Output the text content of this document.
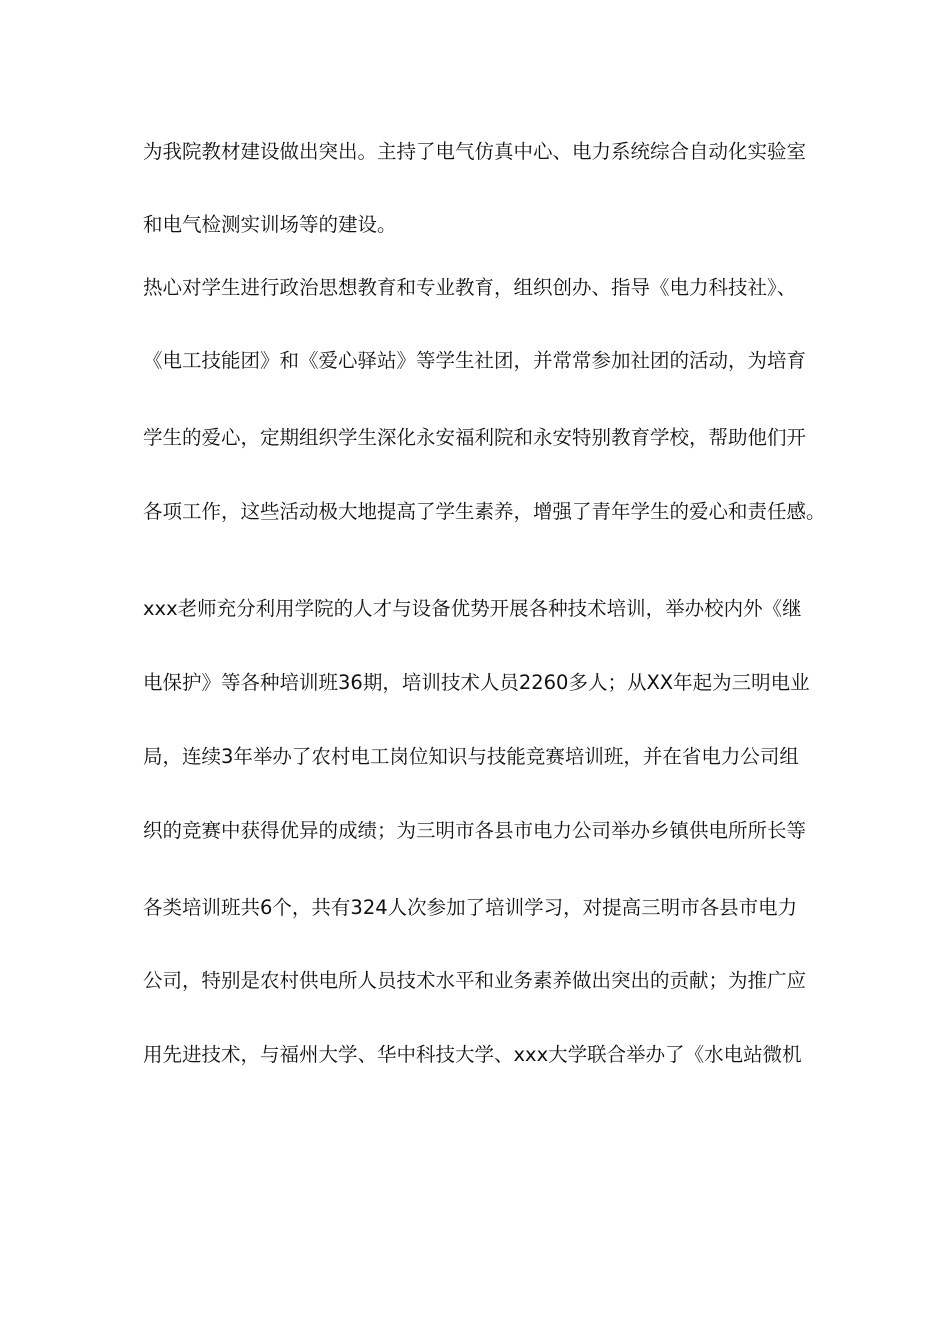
为我院教材建设做出突出。主持了电气仿真中心、电力系统综合自动化实验室
和电气检测实训场等的建设。
热心对学生进行政治思想教育和专业教育，组织创办、指导《电力科技社》、
《电工技能团》和《爱心驿站》等学生社团，并常常参加社团的活动，为培育
学生的爱心，定期组织学生深化永安福利院和永安特别教育学校，帮助他们开
各项工作，这些活动极大地提高了学生素养，增强了青年学生的爱心和责任感。
xxx老师充分利用学院的人才与设备优势开展各种技术培训，举办校内外《继
电保护》等各种培训班36期，培训技术人员2260多人；从XX年起为三明电业
局，连续3年举办了农村电工岗位知识与技能竞赛培训班，并在省电力公司组
织的竞赛中获得优异的成绩；为三明市各县市电力公司举办乡镇供电所所长等
各类培训班共6个，共有324人次参加了培训学习，对提高三明市各县市电力
公司，特别是农村供电所人员技术水平和业务素养做出突出的贡献；为推广应
用先进技术，与福州大学、华中科技大学、xxx大学联合举办了《水电站微机
